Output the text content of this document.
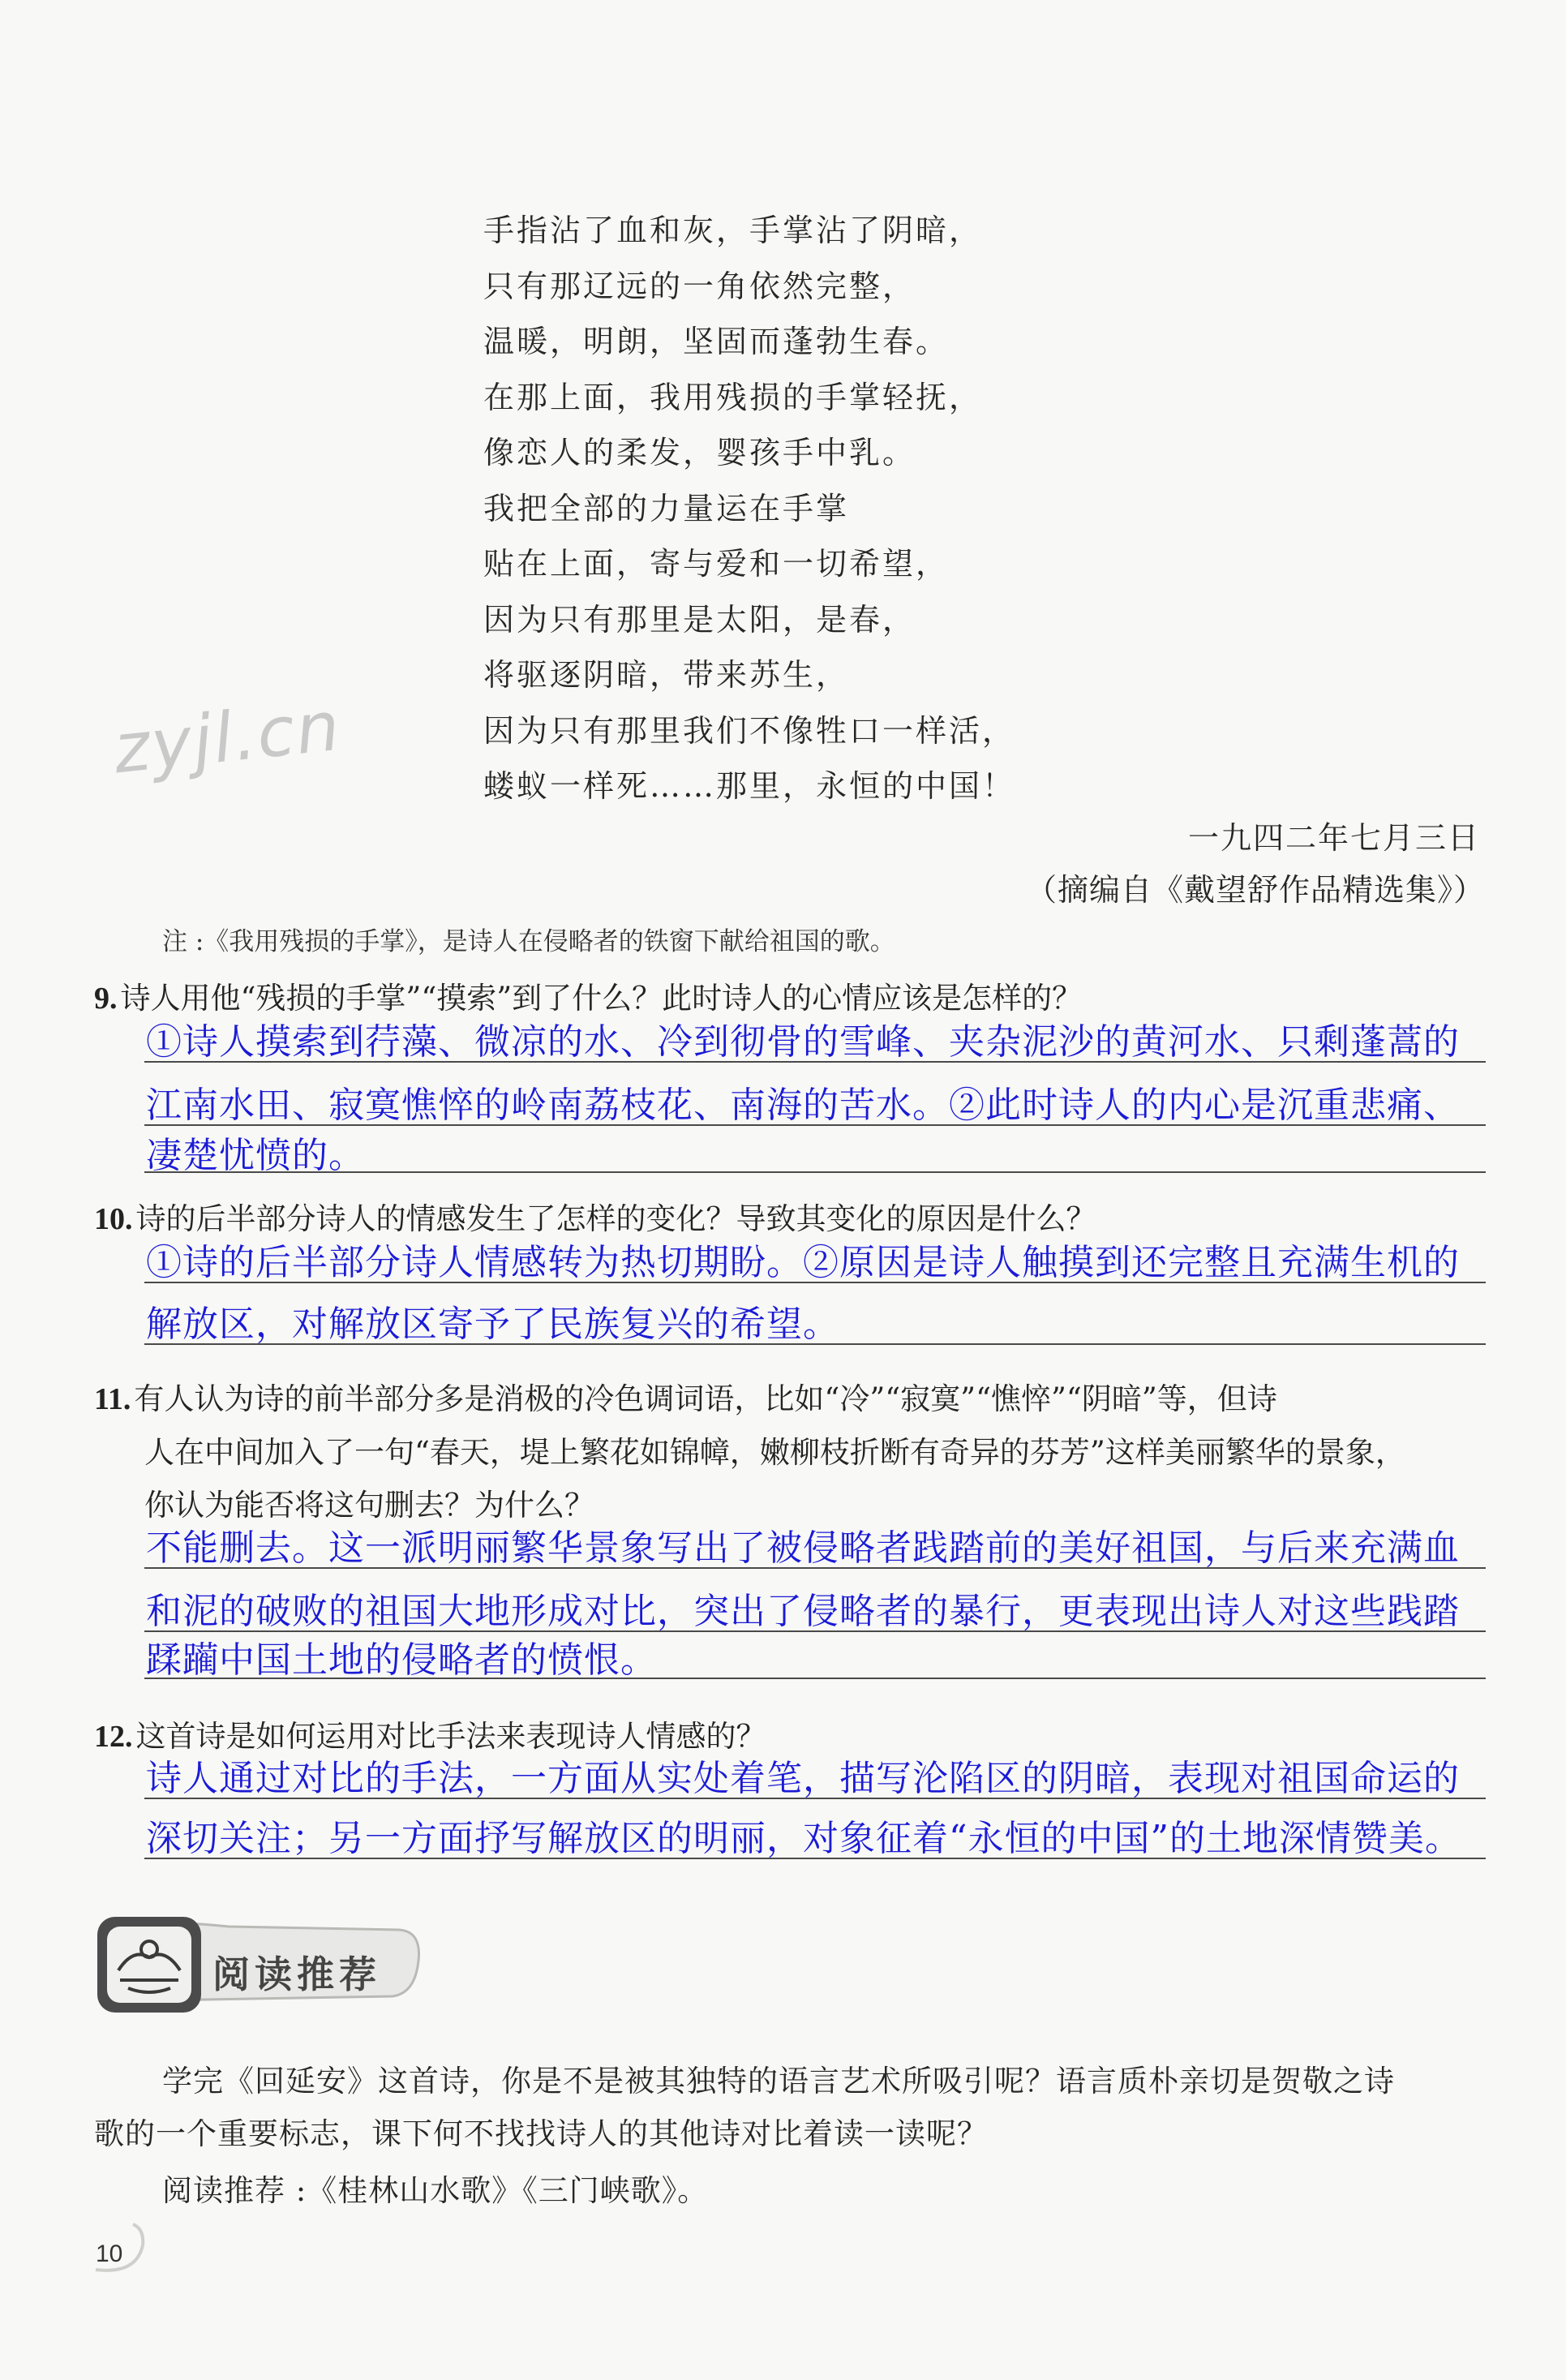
zyjl.cn
手指沾了血和灰，手掌沾了阴暗，
只有那辽远的一角依然完整，
温暖，明朗，坚固而蓬勃生春。
在那上面，我用残损的手掌轻抚，
像恋人的柔发，婴孩手中乳。
我把全部的力量运在手掌
贴在上面，寄与爱和一切希望，
因为只有那里是太阳，是春，
将驱逐阴暗，带来苏生，
因为只有那里我们不像牲口一样活，
蝼蚁一样死……那里，永恒的中国！
一九四二年七月三日
（摘编自《戴望舒作品精选集》）
注 :《我用残损的手掌》，是诗人在侵略者的铁窗下献给祖国的歌。
9. 诗人用他“残损的手掌”“摸索”到了什么？此时诗人的心情应该是怎样的？
①诗人摸索到荇藻、微凉的水、冷到彻骨的雪峰、夹杂泥沙的黄河水、只剩蓬蒿的
江南水田、寂寞憔悴的岭南荔枝花、南海的苦水。②此时诗人的内心是沉重悲痛、
凄楚忧愤的。
10. 诗的后半部分诗人的情感发生了怎样的变化？导致其变化的原因是什么？
①诗的后半部分诗人情感转为热切期盼。②原因是诗人触摸到还完整且充满生机的
解放区，对解放区寄予了民族复兴的希望。
11. 有人认为诗的前半部分多是消极的冷色调词语，比如“冷”“寂寞”“憔悴”“阴暗”等，但诗
人在中间加入了一句“春天，堤上繁花如锦幛，嫩柳枝折断有奇异的芬芳”这样美丽繁华的景象，
你认为能否将这句删去？为什么？
不能删去。这一派明丽繁华景象写出了被侵略者践踏前的美好祖国，与后来充满血
和泥的破败的祖国大地形成对比，突出了侵略者的暴行，更表现出诗人对这些践踏
蹂躏中国土地的侵略者的愤恨。
12. 这首诗是如何运用对比手法来表现诗人情感的？
诗人通过对比的手法，一方面从实处着笔，描写沦陷区的阴暗，表现对祖国命运的
深切关注；另一方面抒写解放区的明丽，对象征着“永恒的中国”的土地深情赞美。
阅读推荐
学完《回延安》这首诗，你是不是被其独特的语言艺术所吸引呢？语言质朴亲切是贺敬之诗
歌的一个重要标志，课下何不找找诗人的其他诗对比着读一读呢？
阅读推荐 :《桂林山水歌》《三门峡歌》。
10
